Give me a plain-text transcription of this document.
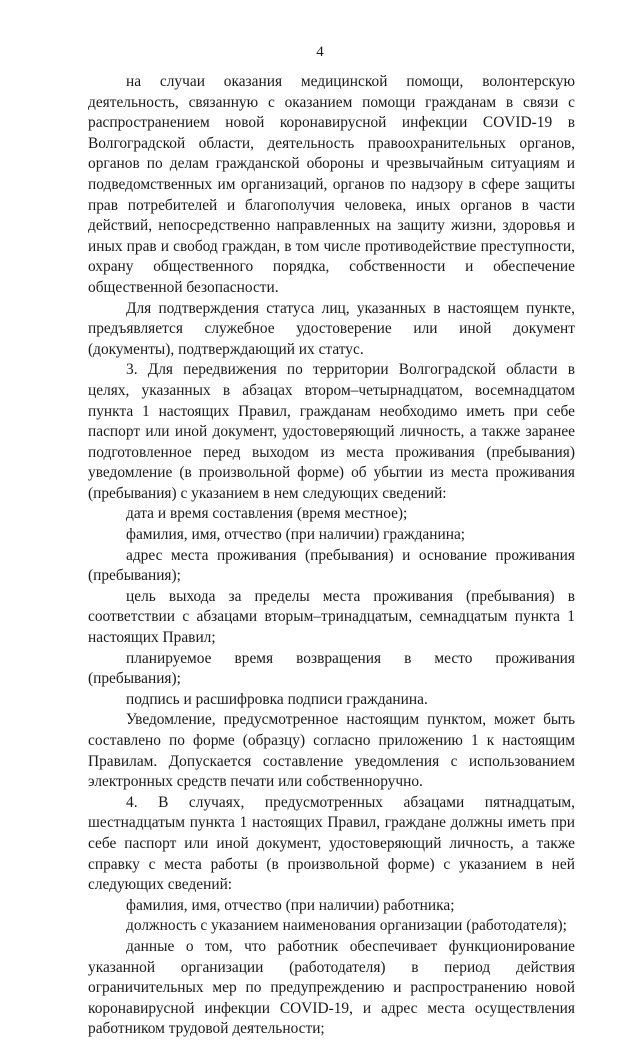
4

на случаи оказания медицинской помощи, волонтерскую деятельность, связанную с оказанием помощи гражданам в связи с распространением новой коронавирусной инфекции COVID-19 в Волгоградской области, деятельность правоохранительных органов, органов по делам гражданской обороны и чрезвычайным ситуациям и подведомственных им организаций, органов по надзору в сфере защиты прав потребителей и благополучия человека, иных органов в части действий, непосредственно направленных на защиту жизни, здоровья и иных прав и свобод граждан, в том числе противодействие преступности, охрану общественного порядка, собственности и обеспечение общественной безопасности.

Для подтверждения статуса лиц, указанных в настоящем пункте, предъявляется служебное удостоверение или иной документ (документы), подтверждающий их статус.

3. Для передвижения по территории Волгоградской области в целях, указанных в абзацах втором–четырнадцатом, восемнадцатом пункта 1 настоящих Правил, гражданам необходимо иметь при себе паспорт или иной документ, удостоверяющий личность, а также заранее подготовленное перед выходом из места проживания (пребывания) уведомление (в произвольной форме) об убытии из места проживания (пребывания) с указанием в нем следующих сведений:

дата и время составления (время местное);

фамилия, имя, отчество (при наличии) гражданина;

адрес места проживания (пребывания) и основание проживания (пребывания);

цель выхода за пределы места проживания (пребывания) в соответствии с абзацами вторым–тринадцатым, семнадцатым пункта 1 настоящих Правил;

планируемое время возвращения в место проживания (пребывания);

подпись и расшифровка подписи гражданина.

Уведомление, предусмотренное настоящим пунктом, может быть составлено по форме (образцу) согласно приложению 1 к настоящим Правилам. Допускается составление уведомления с использованием электронных средств печати или собственноручно.

4. В случаях, предусмотренных абзацами пятнадцатым, шестнадцатым пункта 1 настоящих Правил, граждане должны иметь при себе паспорт или иной документ, удостоверяющий личность, а также справку с места работы (в произвольной форме) с указанием в ней следующих сведений:

фамилия, имя, отчество (при наличии) работника;

должность с указанием наименования организации (работодателя);

данные о том, что работник обеспечивает функционирование указанной организации (работодателя) в период действия ограничительных мер по предупреждению и распространению новой коронавирусной инфекции COVID-19, и адрес места осуществления работником трудовой деятельности;
